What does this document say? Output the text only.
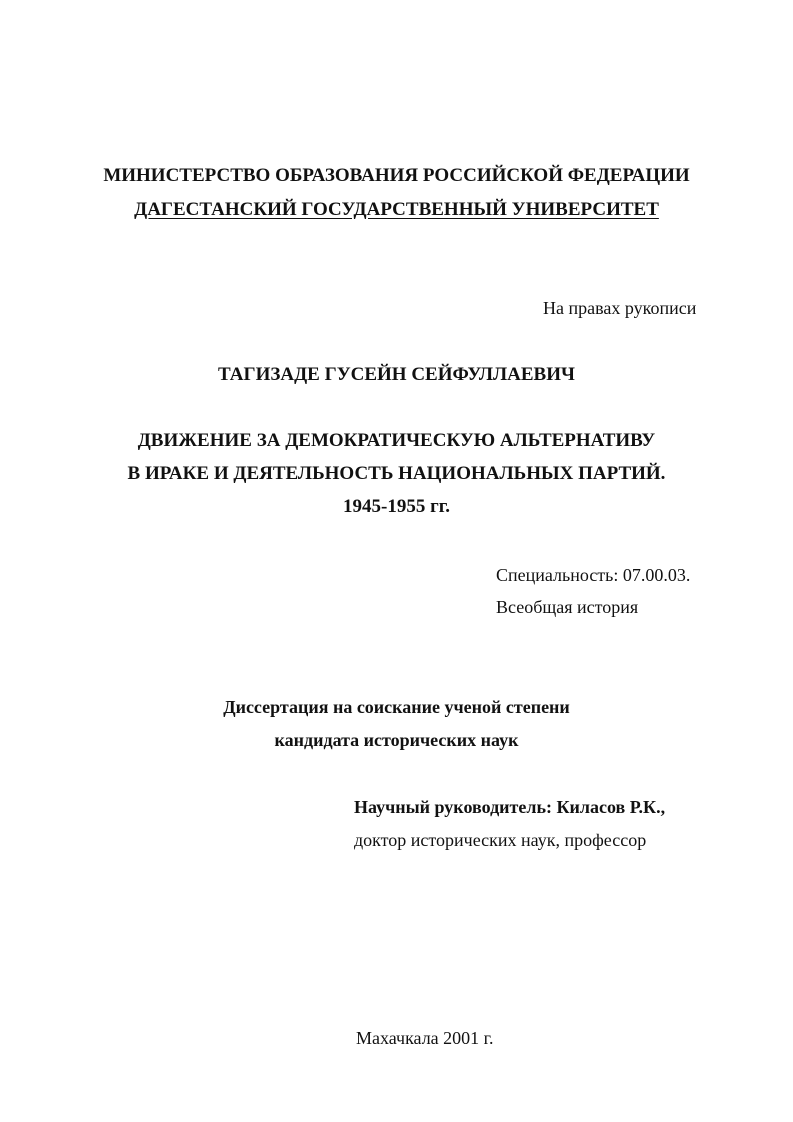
МИНИСТЕРСТВО ОБРАЗОВАНИЯ РОССИЙСКОЙ ФЕДЕРАЦИИ
ДАГЕСТАНСКИЙ ГОСУДАРСТВЕННЫЙ УНИВЕРСИТЕТ
На правах рукописи
ТАГИЗАДЕ ГУСЕЙН СЕЙФУЛЛАЕВИЧ
ДВИЖЕНИЕ ЗА ДЕМОКРАТИЧЕСКУЮ АЛЬТЕРНАТИВУ
В ИРАКЕ И ДЕЯТЕЛЬНОСТЬ НАЦИОНАЛЬНЫХ ПАРТИЙ.
1945-1955 гг.
Специальность: 07.00.03.
Всеобщая история
Диссертация на соискание ученой степени
кандидата исторических наук
Научный руководитель: Киласов Р.К.,
доктор исторических наук, профессор
Махачкала 2001 г.
